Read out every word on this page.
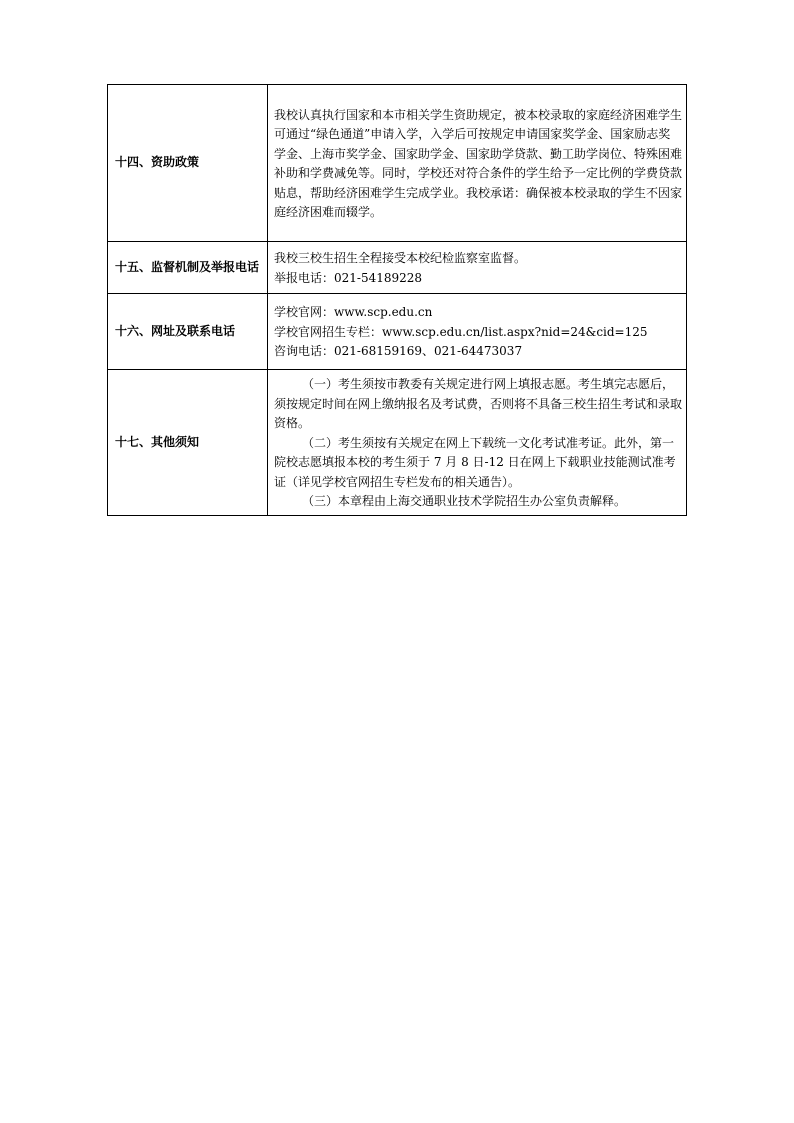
十四、资助政策	我校认真执行国家和本市相关学生资助规定，被本校录取的家庭经济困难学生可通过“绿色通道”申请入学，入学后可按规定申请国家奖学金、国家励志奖学金、上海市奖学金、国家助学金、国家助学贷款、勤工助学岗位、特殊困难补助和学费减免等。同时，学校还对符合条件的学生给予一定比例的学费贷款贴息，帮助经济困难学生完成学业。我校承诺：确保被本校录取的学生不因家庭经济困难而辍学。

十五、监督机制及举报电话	我校三校生招生全程接受本校纪检监察室监督。
举报电话：021-54189228

十六、网址及联系电话	学校官网：www.scp.edu.cn
学校官网招生专栏：www.scp.edu.cn/list.aspx?nid=24&cid=125
咨询电话：021-68159169、021-64473037

十七、其他须知	（一）考生须按市教委有关规定进行网上填报志愿。考生填完志愿后，须按规定时间在网上缴纳报名及考试费，否则将不具备三校生招生考试和录取资格。
（二）考生须按有关规定在网上下载统一文化考试准考证。此外，第一院校志愿填报本校的考生须于 7 月 8 日-12 日在网上下载职业技能测试准考证（详见学校官网招生专栏发布的相关通告）。
（三）本章程由上海交通职业技术学院招生办公室负责解释。
